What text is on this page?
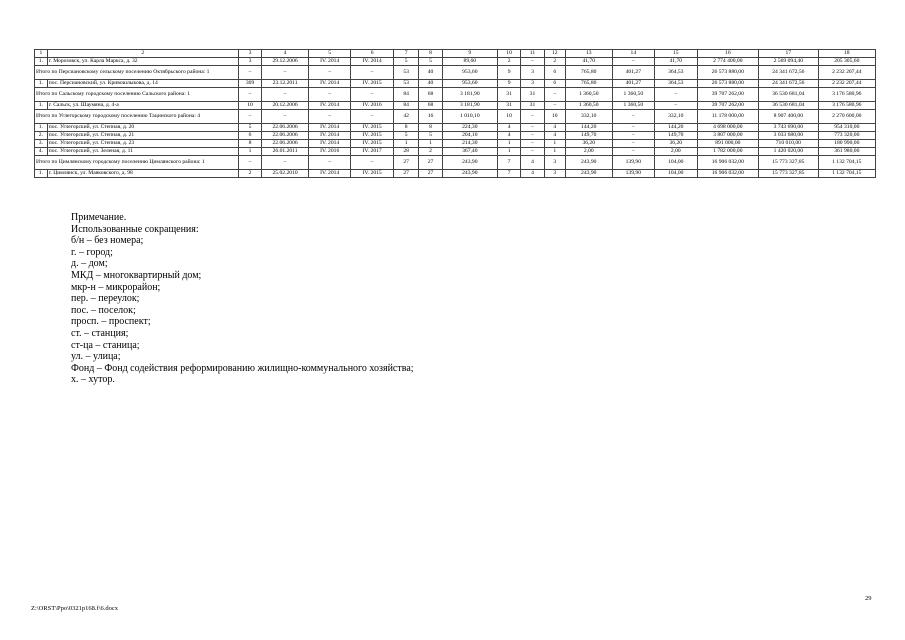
1	2	3	4	5	6	7	8	9	10	11	12	13	14	15	16	17	18
1.	г. Морозовск, ул. Карла Маркса, д. 32	3	29.12.2006	IV. 2014	IV. 2014	5	5	89,60	2	–	2	41,70	–	41,70	2 774 400,00	2 569 094,40	205 305,60
Итого по Персиановскому сельскому поселению Октябрьского района: 1		–	–	–	–	53	40	953,60	9	3	6	765,80	401,27	364,53	26 573 880,00	24 341 672,56	2 232 207,44
1.	пос. Персиановский, ул. Кривошлыкова, д. 14	309	23.12.2011	IV. 2014	IV. 2015	53	40	953,60	9	3	6	765,80	401,27	364,53	26 573 880,00	24 341 672,56	2 232 207,44
Итого по Сальскому городскому поселению Сальского района: 1		–	–	–	–	84	68	3 181,90	31	31	–	1 360,50	1 360,50	–	39 707 262,00	36 530 681,04	3 176 580,96
1.	г. Сальск, ул. Шаумяна, д. 4-а	10	20.12.2006	IV. 2014	IV. 2016	84	68	3 181,90	31	31	–	1 360,50	1 360,50	–	39 707 262,00	36 530 681,04	3 176 580,96
Итого по Углегорскому городскому поселению Тацинского района: 4		–	–	–	–	42	16	1 010,10	10	–	10	332,10	–	332,10	11 178 000,00	8 907 400,00	2 270 600,00
1.	пос. Углегорский, ул. Степная, д. 20	5	22.06.2006	IV. 2014	IV. 2015	8	8	224,30	4	–	4	144,20	–	144,20	4 698 000,00	3 743 690,00	954 310,00
2.	пос. Углегорский, ул. Степная, д. 21	6	22.06.2006	IV. 2014	IV. 2015	5	5	204,10	4	–	4	149,70	–	149,70	3 807 000,00	3 033 680,00	773 320,00
3.	пос. Углегорский, ул. Степная, д. 23	8	22.06.2006	IV. 2014	IV. 2015	1	1	214,30	1	–	1	36,20	–	36,20	891 000,00	710 010,00	180 990,00
4.	пос. Углегорский, ул. Зеленая, д. 11	1	26.01.2011	IV. 2016	IV. 2017	28	2	367,40	1	–	1	2,00	–	2,00	1 782 000,00	1 420 020,00	361 980,00
Итого по Цимлянскому городскому поселению Цимлянского района: 1		–	–	–	–	27	27	243,90	7	4	3	243,90	139,90	104,00	16 906 032,00	15 773 327,85	1 132 704,15
1.	г. Цимлянск, ул. Маяковского, д. 98	2	25.02.2010	IV. 2014	IV. 2015	27	27	243,90	7	4	3	243,90	139,90	104,00	16 906 032,00	15 773 327,85	1 132 704,15
Примечание.
Использованные сокращения:
б/н – без номера;
г. – город;
д. – дом;
МКД – многоквартирный дом;
мкр-н – микрорайон;
пер. – переулок;
пос. – поселок;
просп. – проспект;
ст. – станция;
ст-ца – станица;
ул. – улица;
Фонд – Фонд содействия реформированию жилищно-коммунального хозяйства;
х. – хутор.
29
Z:\ORST\Ppo\0321p168.f\6.docx
